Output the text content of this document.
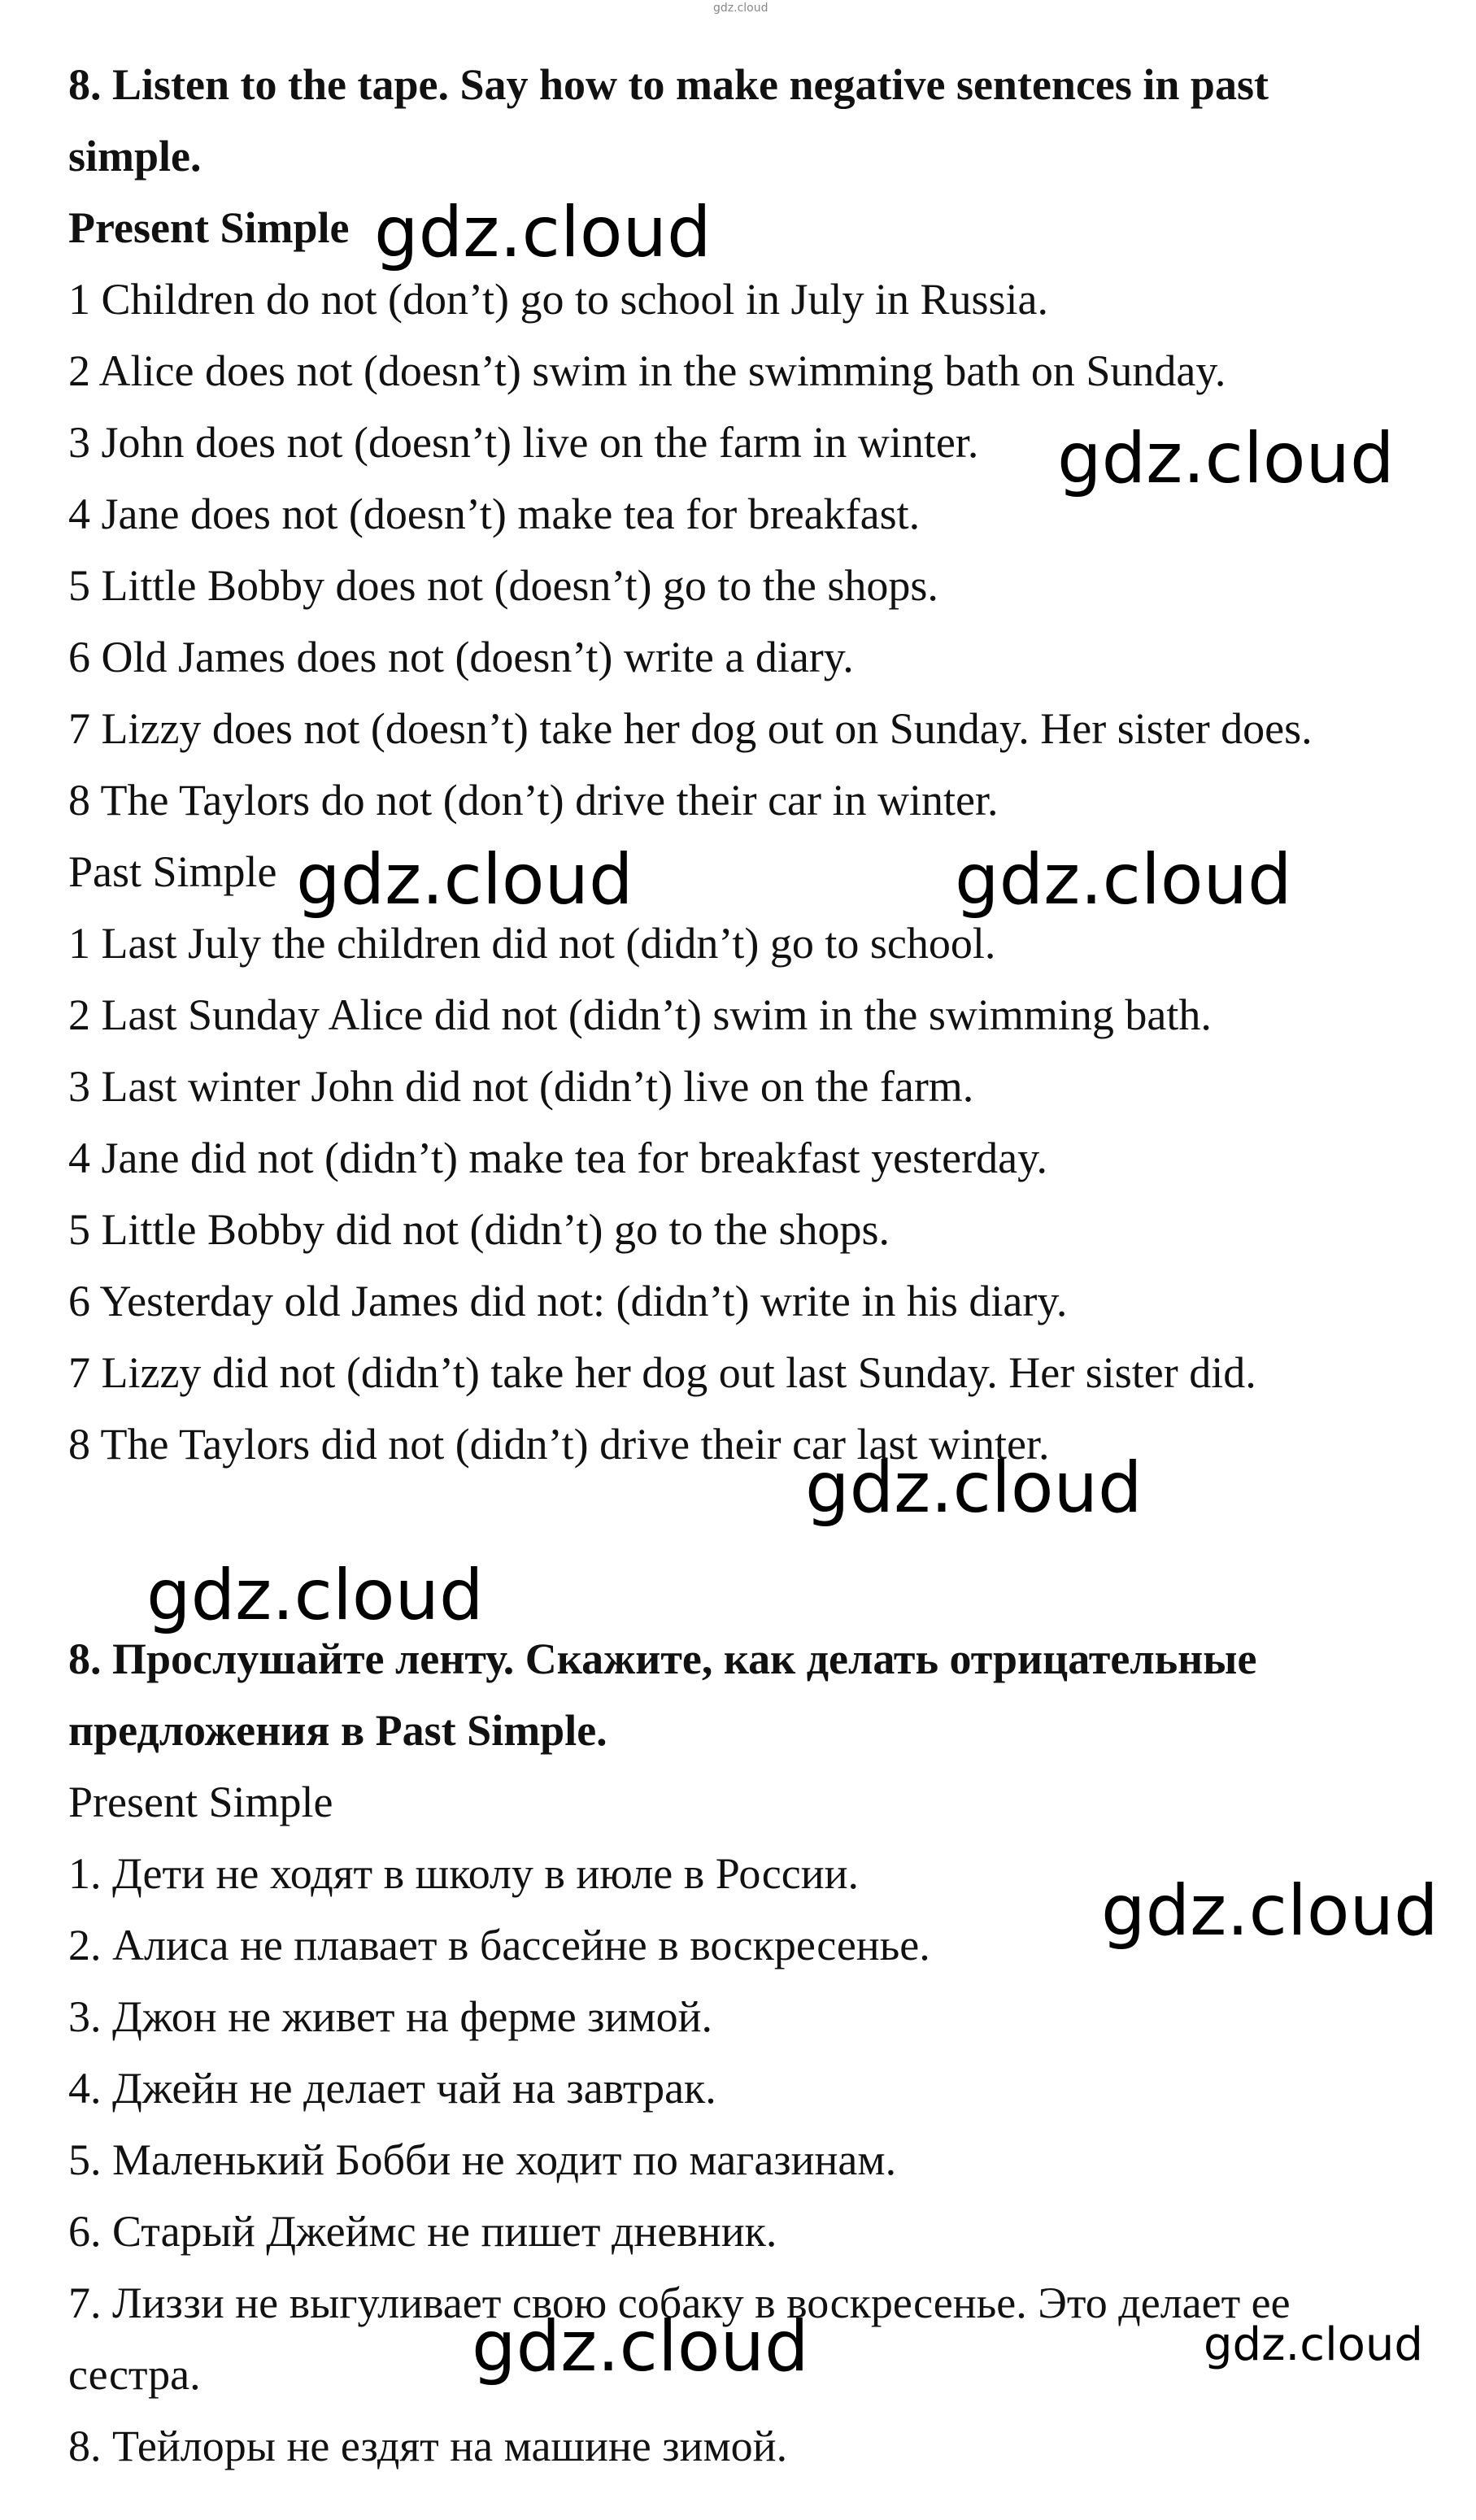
gdz.cloud
8. Listen to the tape. Say how to make negative sentences in past
simple.
Present Simple
1 Children do not (don’t) go to school in July in Russia.
2 Alice does not (doesn’t) swim in the swimming bath on Sunday.
3 John does not (doesn’t) live on the farm in winter.
4 Jane does not (doesn’t) make tea for breakfast.
5 Little Bobby does not (doesn’t) go to the shops.
6 Old James does not (doesn’t) write a diary.
7 Lizzy does not (doesn’t) take her dog out on Sunday. Her sister does.
8 The Taylors do not (don’t) drive their car in winter.
Past Simple
1 Last July the children did not (didn’t) go to school.
2 Last Sunday Alice did not (didn’t) swim in the swimming bath.
3 Last winter John did not (didn’t) live on the farm.
4 Jane did not (didn’t) make tea for breakfast yesterday.
5 Little Bobby did not (didn’t) go to the shops.
6 Yesterday old James did not: (didn’t) write in his diary.
7 Lizzy did not (didn’t) take her dog out last Sunday. Her sister did.
8 The Taylors did not (didn’t) drive their car last winter.
8. Прослушайте ленту. Скажите, как делать отрицательные
предложения в Past Simple.
Present Simple
1. Дети не ходят в школу в июле в России.
2. Алиса не плавает в бассейне в воскресенье.
3. Джон не живет на ферме зимой.
4. Джейн не делает чай на завтрак.
5. Маленький Бобби не ходит по магазинам.
6. Старый Джеймс не пишет дневник.
7. Лиззи не выгуливает свою собаку в воскресенье. Это делает ее
сестра.
8. Тейлоры не ездят на машине зимой.
gdz.cloud
gdz.cloud
gdz.cloud	gdz.cloud
gdz.cloud
gdz.cloud
gdz.cloud
gdz.cloud	gdz.cloud
